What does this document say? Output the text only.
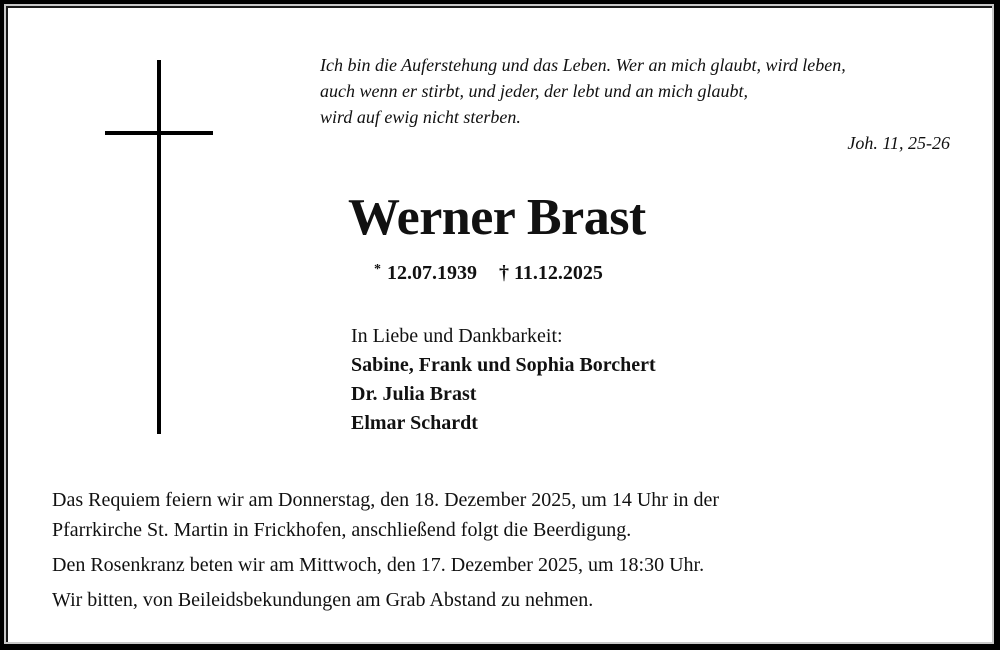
Ich bin die Auferstehung und das Leben. Wer an mich glaubt, wird leben,
auch wenn er stirbt, und jeder, der lebt und an mich glaubt,
wird auf ewig nicht sterben.
Joh. 11, 25-26
Werner Brast
* 12.07.1939 † 11.12.2025
In Liebe und Dankbarkeit:
Sabine, Frank und Sophia Borchert
Dr. Julia Brast
Elmar Schardt
Das Requiem feiern wir am Donnerstag, den 18. Dezember 2025, um 14 Uhr in der
Pfarrkirche St. Martin in Frickhofen, anschließend folgt die Beerdigung.
Den Rosenkranz beten wir am Mittwoch, den 17. Dezember 2025, um 18:30 Uhr.
Wir bitten, von Beileidsbekundungen am Grab Abstand zu nehmen.
